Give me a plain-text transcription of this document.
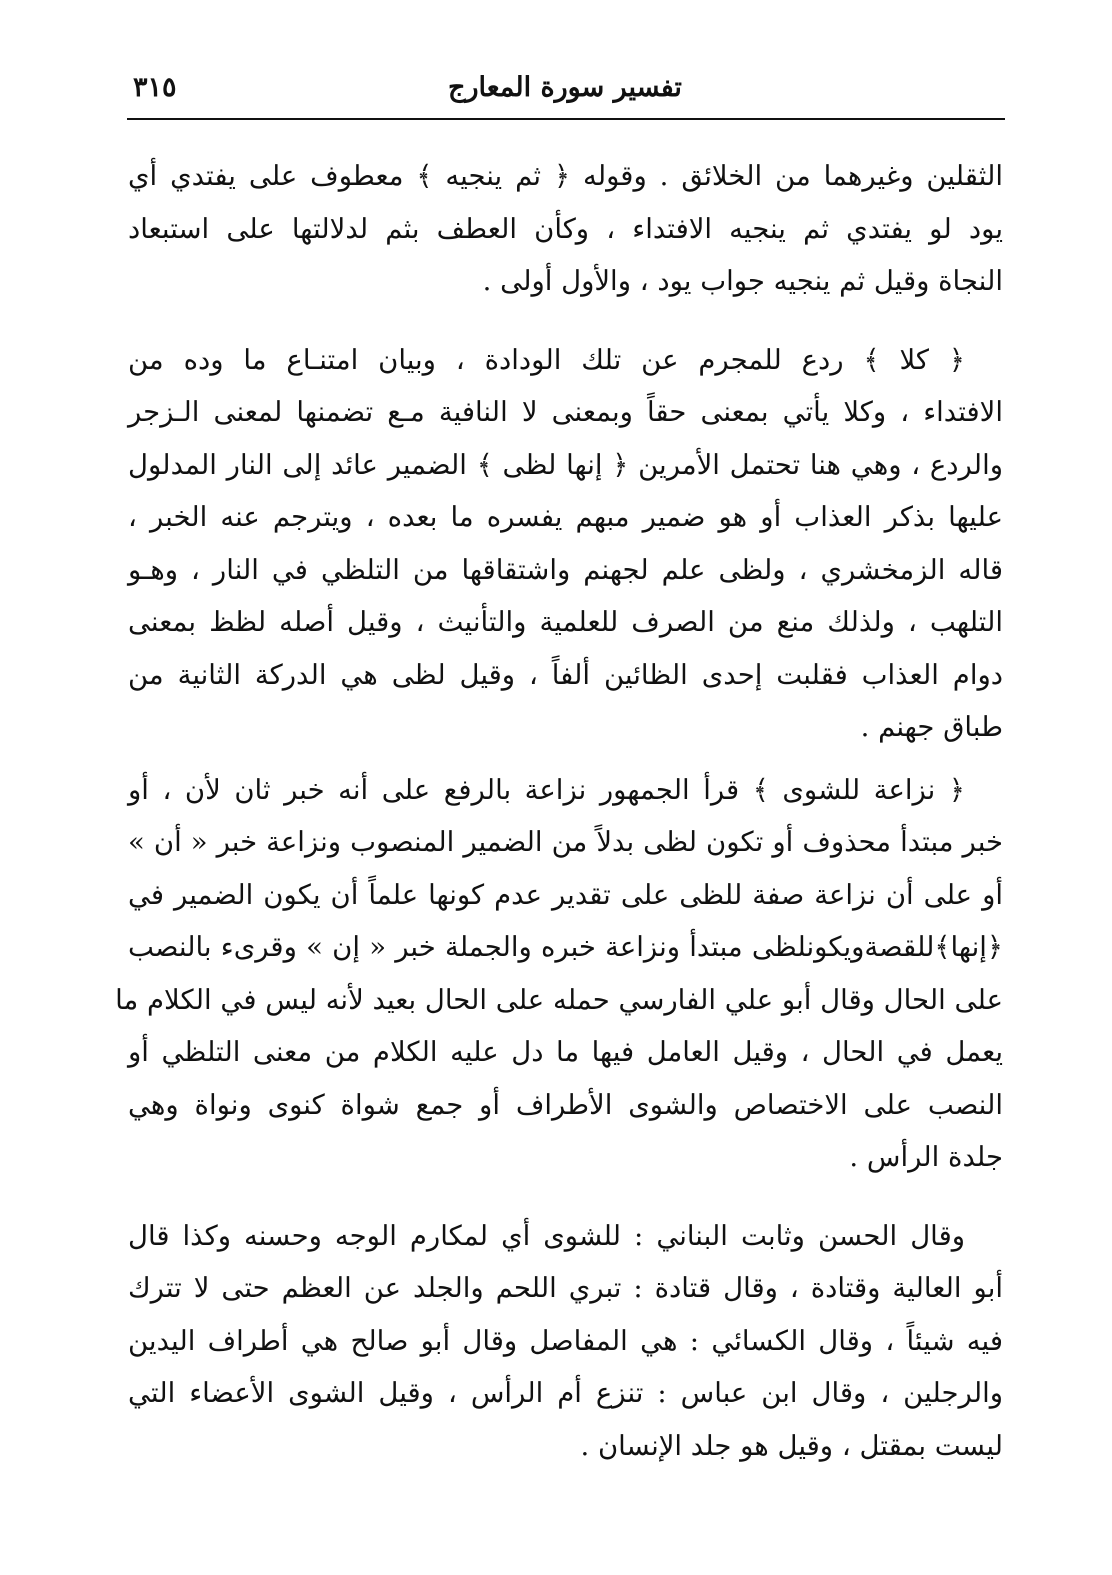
٣١٥	تفسير سورة المعارج

الثقلين وغيرهما من الخلائق . وقوله ﴿ ثم ينجيه ﴾ معطوف على يفتدي أي
يود لو يفتدي ثم ينجيه الافتداء ، وكأن العطف بثم لدلالتها على استبعاد
النجاة وقيل ثم ينجيه جواب يود ، والأول أولى .

﴿ كلا ﴾ ردع للمجرم عن تلك الودادة ، وبيان امتنـاع ما وده من
الافتداء ، وكلا يأتي بمعنى حقاً وبمعنى لا النافية مـع تضمنها لمعنى الـزجر
والردع ، وهي هنا تحتمل الأمرين ﴿ إنها لظى ﴾ الضمير عائد إلى النار المدلول
عليها بذكر العذاب أو هو ضمير مبهم يفسره ما بعده ، ويترجم عنه الخبر ،
قاله الزمخشري ، ولظى علم لجهنم واشتقاقها من التلظي في النار ، وهـو
التلهب ، ولذلك منع من الصرف للعلمية والتأنيث ، وقيل أصله لظظ بمعنى
دوام العذاب فقلبت إحدى الظائين ألفاً ، وقيل لظى هي الدركة الثانية من
طباق جهنم .

﴿ نزاعة للشوى ﴾ قرأ الجمهور نزاعة بالرفع على أنه خبر ثان لأن ، أو
خبر مبتدأ محذوف أو تكون لظى بدلاً من الضمير المنصوب ونزاعة خبر « أن »
أو على أن نزاعة صفة للظى على تقدير عدم كونها علماً أن يكون الضمير في
﴿إنها﴾للقصةويكونلظى مبتدأ ونزاعة خبره والجملة خبر « إن » وقرىء بالنصب
على الحال وقال أبو علي الفارسي حمله على الحال بعيد لأنه ليس في الكلام ما
يعمل في الحال ، وقيل العامل فيها ما دل عليه الكلام من معنى التلظي أو
النصب على الاختصاص والشوى الأطراف أو جمع شواة كنوى ونواة وهي
جلدة الرأس .

وقال الحسن وثابت البناني : للشوى أي لمكارم الوجه وحسنه وكذا قال
أبو العالية وقتادة ، وقال قتادة : تبري اللحم والجلد عن العظم حتى لا تترك
فيه شيئاً ، وقال الكسائي : هي المفاصل وقال أبو صالح هي أطراف اليدين
والرجلين ، وقال ابن عباس : تنزع أم الرأس ، وقيل الشوى الأعضاء التي
ليست بمقتل ، وقيل هو جلد الإنسان .
